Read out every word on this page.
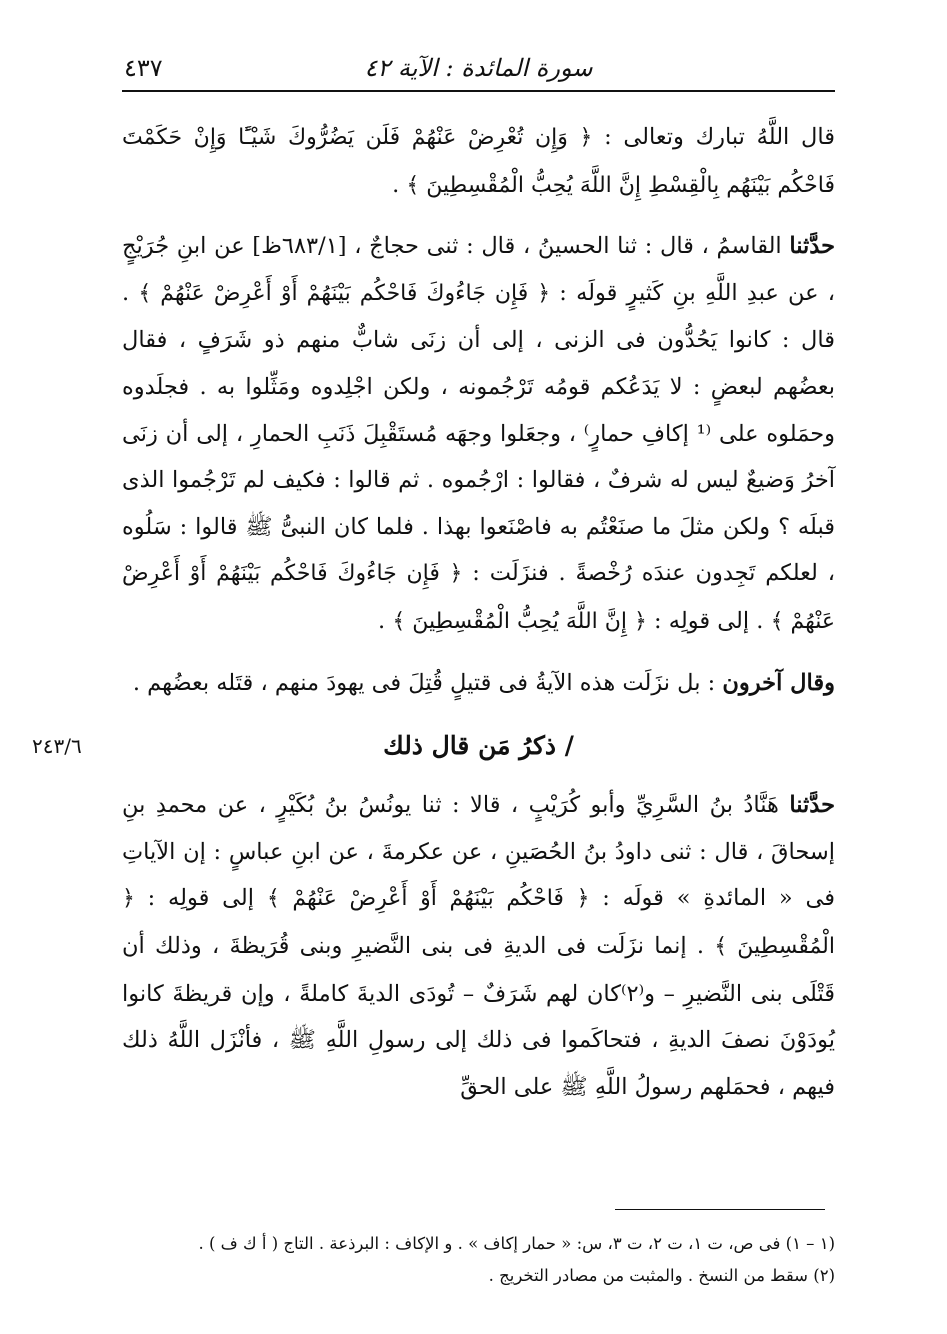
سورة المائدة : الآية ٤٢
٤٣٧

قال اللَّهُ تبارك وتعالى : ﴿ وَإِن تُعْرِضْ عَنْهُمْ فَلَن يَضُرُّوكَ شَيْـًٔا وَإِنْ حَكَمْتَ فَاحْكُم بَيْنَهُم بِالْقِسْطِ إِنَّ اللَّهَ يُحِبُّ الْمُقْسِطِينَ ﴾ .

حدَّثنا القاسمُ ، قال : ثنا الحسينُ ، قال : ثنى حجاجٌ ، [٦٨٣/١ظ] عن ابنِ جُرَيْجٍ ، عن عبدِ اللَّهِ بنِ كَثيرٍ قولَه : ﴿ فَإِن جَاءُوكَ فَاحْكُم بَيْنَهُمْ أَوْ أَعْرِضْ عَنْهُمْ ﴾ . قال : كانوا يَحُدُّون فى الزنى ، إلى أن زنَى شابٌّ منهم ذو شَرَفٍ ، فقال بعضُهم لبعضٍ : لا يَدَعُكم قومُه تَرْجُمونه ، ولكن اجْلِدوه ومَثِّلوا به . فجلَدوه وحمَلوه على ⁽¹ إكافِ حمارٍ⁾ ، وجعَلوا وجهَه مُستَقْبِلَ ذَنَبِ الحمارِ ، إلى أن زنَى آخرُ وَضيعٌ ليس له شرفٌ ، فقالوا : ارْجُموه . ثم قالوا : فكيف لم تَرْجُموا الذى قبلَه ؟ ولكن مثلَ ما صنَعْتُم به فاصْنَعوا بهذا . فلما كان النبىُّ ﷺ قالوا : سَلُوه ، لعلكم تَجِدون عندَه رُخْصةً . فنزَلَت : ﴿ فَإِن جَاءُوكَ فَاحْكُم بَيْنَهُمْ أَوْ أَعْرِضْ عَنْهُمْ ﴾ . إلى قولِه : ﴿ إِنَّ اللَّهَ يُحِبُّ الْمُقْسِطِينَ ﴾ .

وقال آخرون : بل نزَلَت هذه الآيةُ فى قتيلٍ قُتِلَ فى يهودَ منهم ، قتَله بعضُهم .

/ ذكرُ مَن قال ذلك
٢٤٣/٦

حدَّثنا هَنَّادُ بنُ السَّرِيِّ وأبو كُرَيْبٍ ، قالا : ثنا يونُسُ بنُ بُكَيْرٍ ، عن محمدِ بنِ إسحاقَ ، قال : ثنى داودُ بنُ الحُصَينِ ، عن عكرمةَ ، عن ابنِ عباسٍ : إن الآياتِ فى « المائدةِ » قولَه : ﴿ فَاحْكُم بَيْنَهُمْ أَوْ أَعْرِضْ عَنْهُمْ ﴾ إلى قولِه : ﴿ الْمُقْسِطِينَ ﴾ . إنما نزَلَت فى الديةِ فى بنى النَّضيرِ وبنى قُرَيظةَ ، وذلك أن قَتْلَى بنى النَّضيرِ – و⁽٢⁾كان لهم شَرَفٌ – تُودَى الديةَ كاملةً ، وإن قريظةَ كانوا يُودَوْنَ نصفَ الديةِ ، فتحاكَموا فى ذلك إلى رسولِ اللَّهِ ﷺ ، فأنْزَل اللَّهُ ذلك فيهم ، فحمَلهم رسولُ اللَّهِ ﷺ على الحقِّ

(١ – ١) فى ص، ت ١، ت ٢، ت ٣، س: « حمار إكاف » . و الإكاف : البرذعة . التاج ( أ ك ف ) .

(٢) سقط من النسخ . والمثبت من مصادر التخريج .
